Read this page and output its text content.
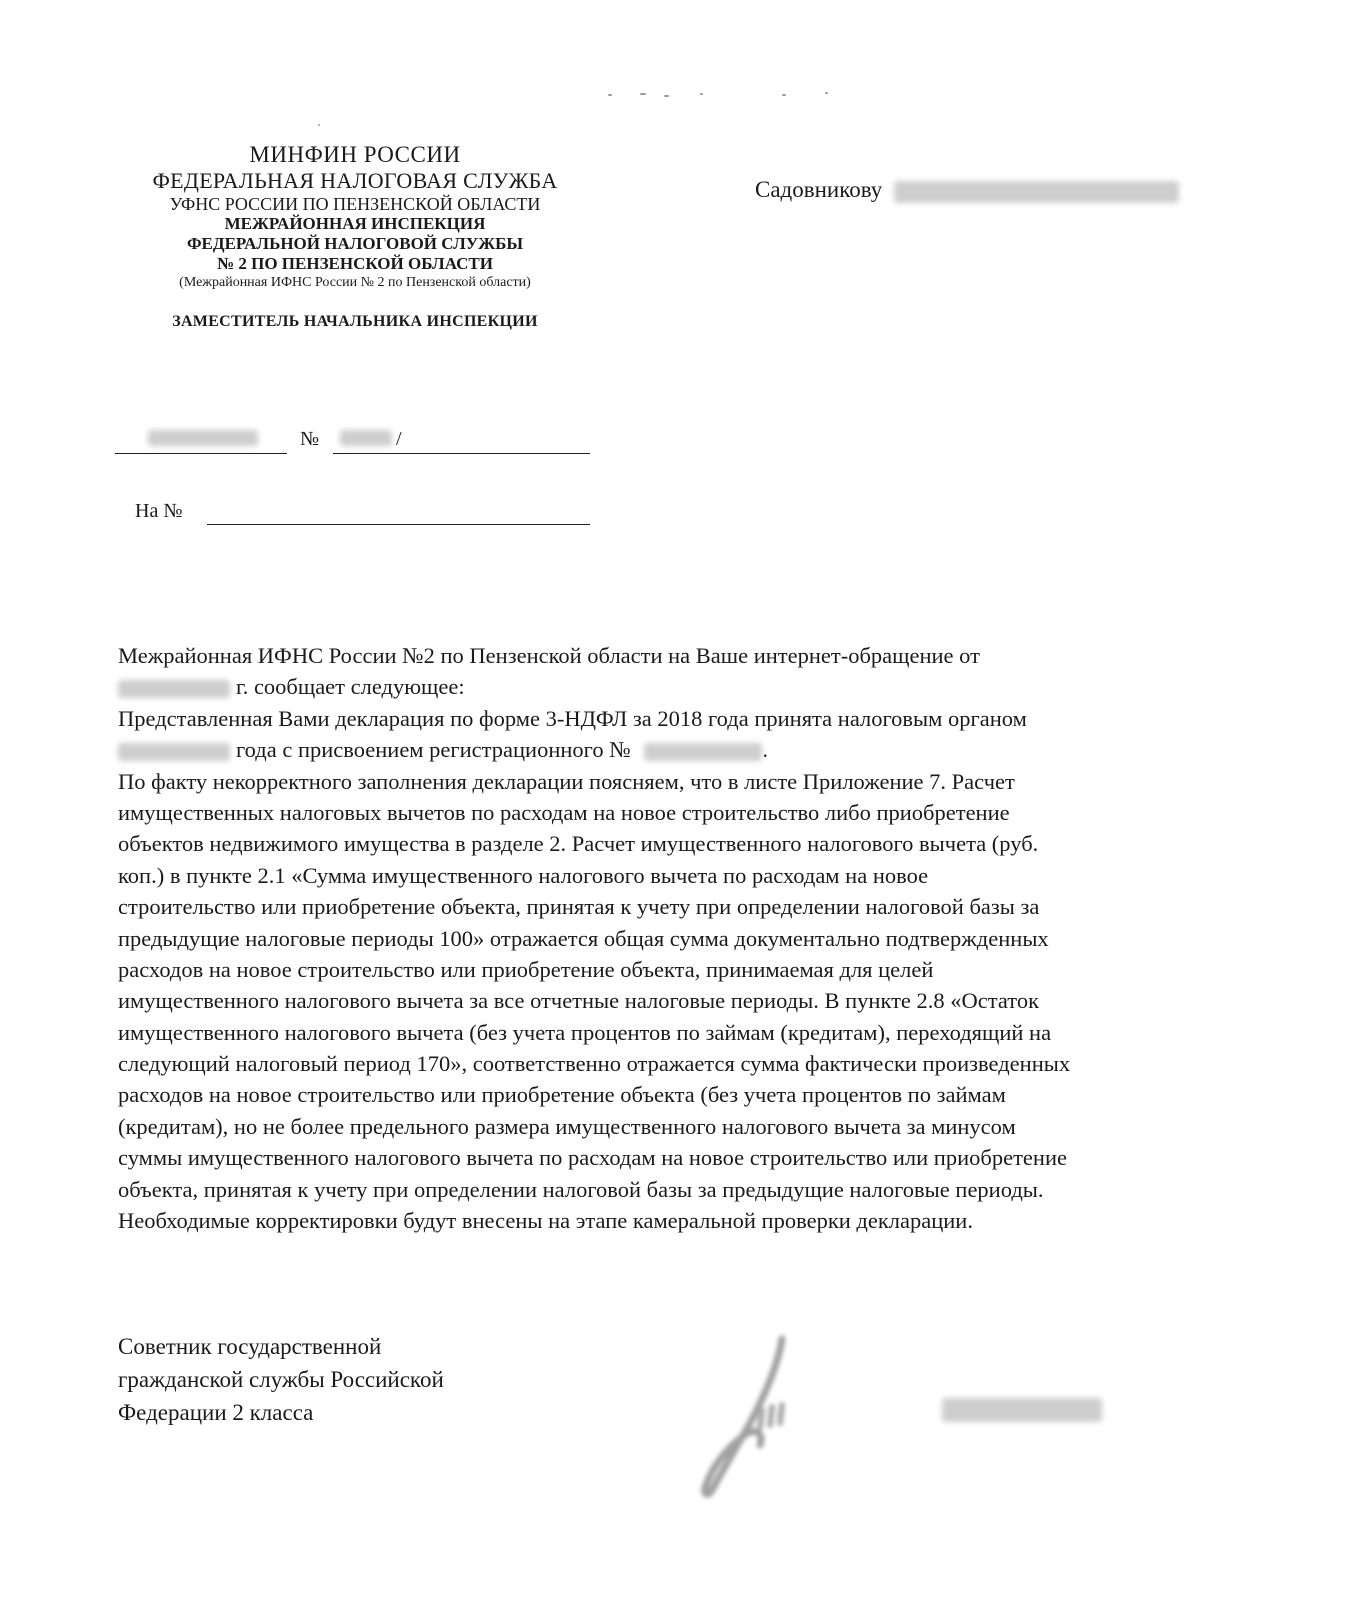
МИНФИН РОССИИ
ФЕДЕРАЛЬНАЯ НАЛОГОВАЯ СЛУЖБА
УФНС РОССИИ ПО ПЕНЗЕНСКОЙ ОБЛАСТИ
МЕЖРАЙОННАЯ ИНСПЕКЦИЯ
ФЕДЕРАЛЬНОЙ НАЛОГОВОЙ СЛУЖБЫ
№ 2 ПО ПЕНЗЕНСКОЙ ОБЛАСТИ
(Межрайонная ИФНС России № 2 по Пензенской области)
ЗАМЕСТИТЕЛЬ НАЧАЛЬНИКА ИНСПЕКЦИИ
Садовникову
№	/
На №
Межрайонная ИФНС России №2 по Пензенской области на Ваше интернет-обращение от
г. сообщает следующее:
Представленная Вами декларация по форме 3-НДФЛ за 2018 года принята налоговым органом
года с присвоением регистрационного №	.
По факту некорректного заполнения декларации поясняем, что в листе Приложение 7. Расчет
имущественных налоговых вычетов по расходам на новое строительство либо приобретение
объектов недвижимого имущества в разделе 2. Расчет имущественного налогового вычета (руб.
коп.) в пункте 2.1 «Сумма имущественного налогового вычета по расходам на новое
строительство или приобретение объекта, принятая к учету при определении налоговой базы за
предыдущие налоговые периоды 100» отражается общая сумма документально подтвержденных
расходов на новое строительство или приобретение объекта, принимаемая для целей
имущественного налогового вычета за все отчетные налоговые периоды. В пункте 2.8 «Остаток
имущественного налогового вычета (без учета процентов по займам (кредитам), переходящий на
следующий налоговый период 170», соответственно отражается сумма фактически произведенных
расходов на новое строительство или приобретение объекта (без учета процентов по займам
(кредитам), но не более предельного размера имущественного налогового вычета за минусом
суммы имущественного налогового вычета по расходам на новое строительство или приобретение
объекта, принятая к учету при определении налоговой базы за предыдущие налоговые периоды.
Необходимые корректировки будут внесены на этапе камеральной проверки декларации.
Советник государственной
гражданской службы Российской
Федерации 2 класса
